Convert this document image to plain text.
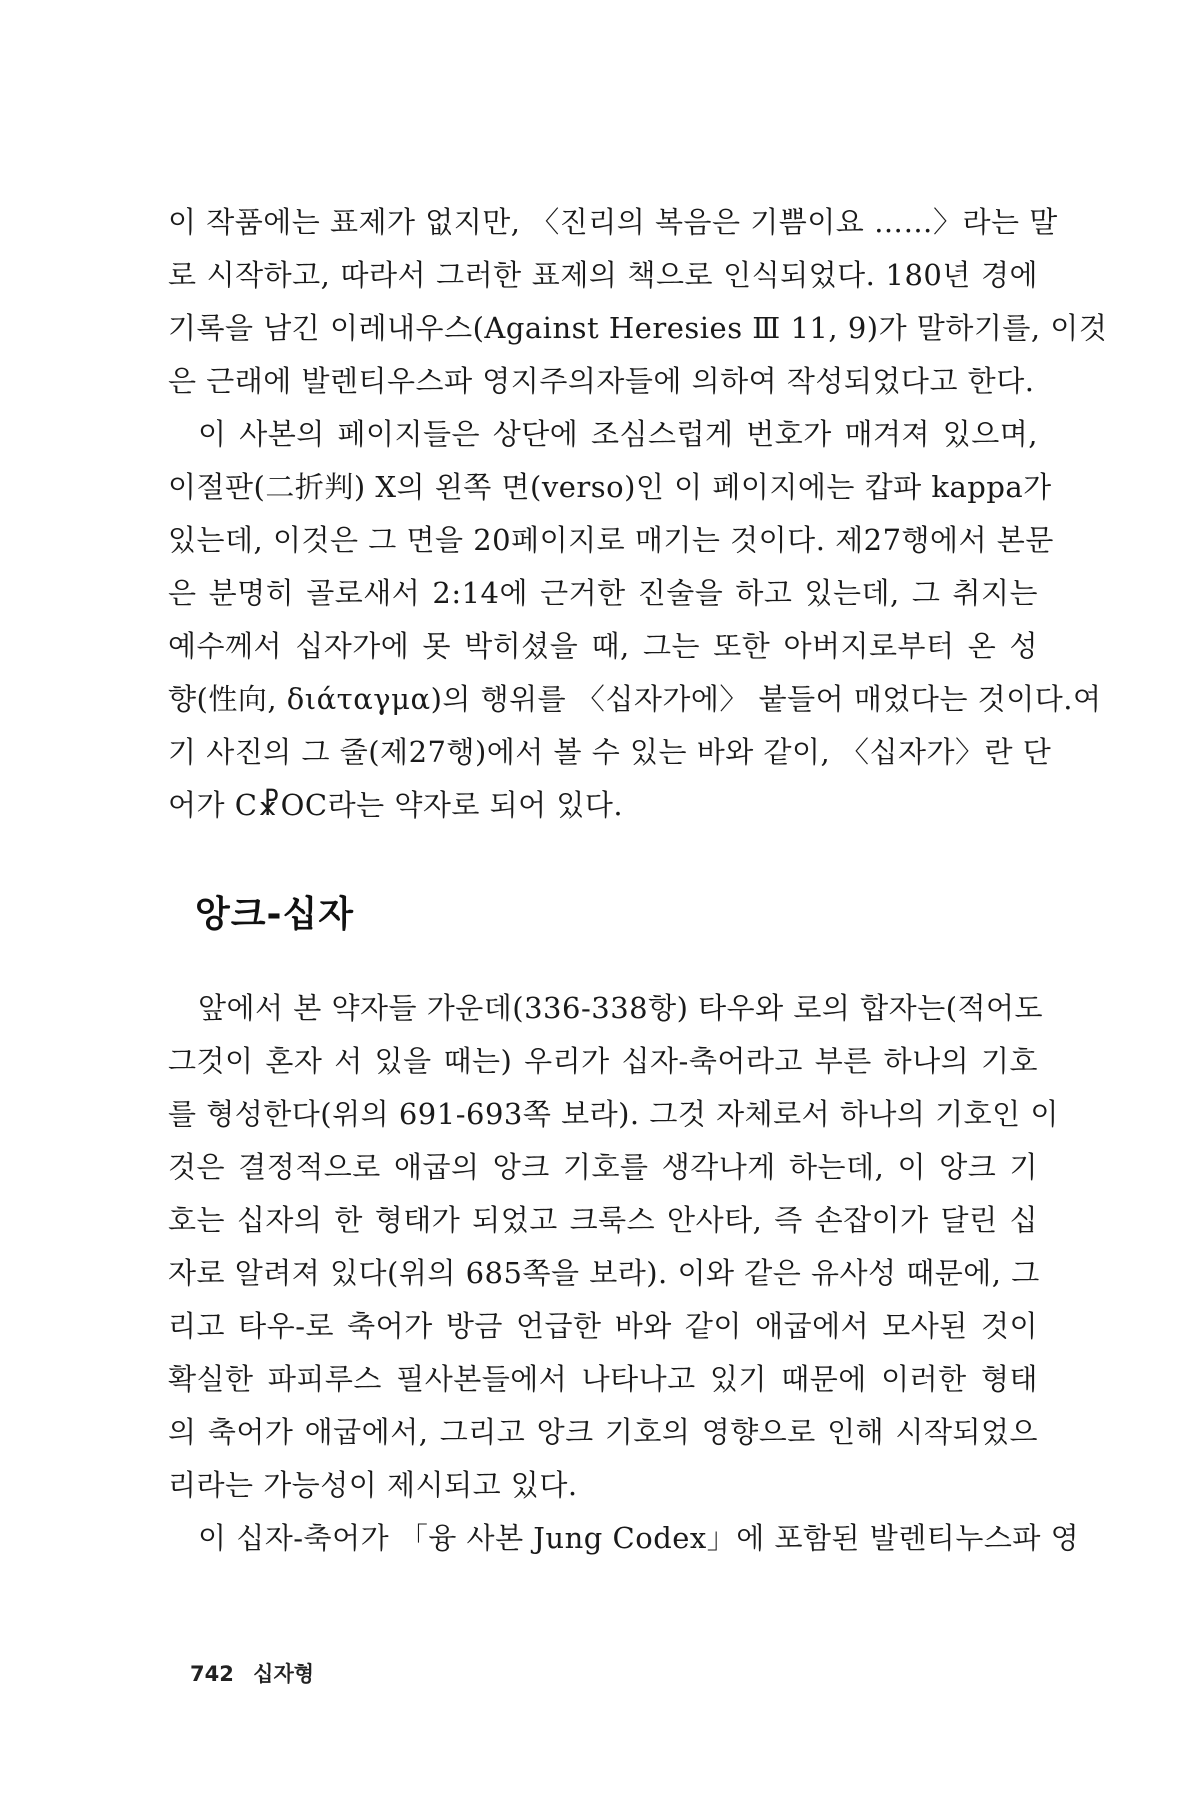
이 작품에는 표제가 없지만, 〈진리의 복음은 기쁨이요 ……〉라는 말
로 시작하고, 따라서 그러한 표제의 책으로 인식되었다. 180년 경에
기록을 남긴 이레내우스(Against Heresies Ⅲ 11, 9)가 말하기를, 이것
은 근래에 발렌티우스파 영지주의자들에 의하여 작성되었다고 한다.
이 사본의 페이지들은 상단에 조심스럽게 번호가 매겨져 있으며,
이절판(二折判) X의 왼쪽 면(verso)인 이 페이지에는 캅파 kappa가
있는데, 이것은 그 면을 20페이지로 매기는 것이다. 제27행에서 본문
은 분명히 골로새서 2:14에 근거한 진술을 하고 있는데, 그 취지는
예수께서 십자가에 못 박히셨을 때, 그는 또한 아버지로부터 온 성
향(性向, διάταγμα)의 행위를 〈십자가에〉 붙들어 매었다는 것이다.여
기 사진의 그 줄(제27행)에서 볼 수 있는 바와 같이, 〈십자가〉란 단
어가 C☧OC라는 약자로 되어 있다.
앙크-십자
앞에서 본 약자들 가운데(336-338항) 타우와 로의 합자는(적어도
그것이 혼자 서 있을 때는) 우리가 십자-축어라고 부른 하나의 기호
를 형성한다(위의 691-693쪽 보라). 그것 자체로서 하나의 기호인 이
것은 결정적으로 애굽의 앙크 기호를 생각나게 하는데, 이 앙크 기
호는 십자의 한 형태가 되었고 크룩스 안사타, 즉 손잡이가 달린 십
자로 알려져 있다(위의 685쪽을 보라). 이와 같은 유사성 때문에, 그
리고 타우-로 축어가 방금 언급한 바와 같이 애굽에서 모사된 것이
확실한 파피루스 필사본들에서 나타나고 있기 때문에 이러한 형태
의 축어가 애굽에서, 그리고 앙크 기호의 영향으로 인해 시작되었으
리라는 가능성이 제시되고 있다.
이 십자-축어가 「융 사본 Jung Codex」에 포함된 발렌티누스파 영
742 십자형
